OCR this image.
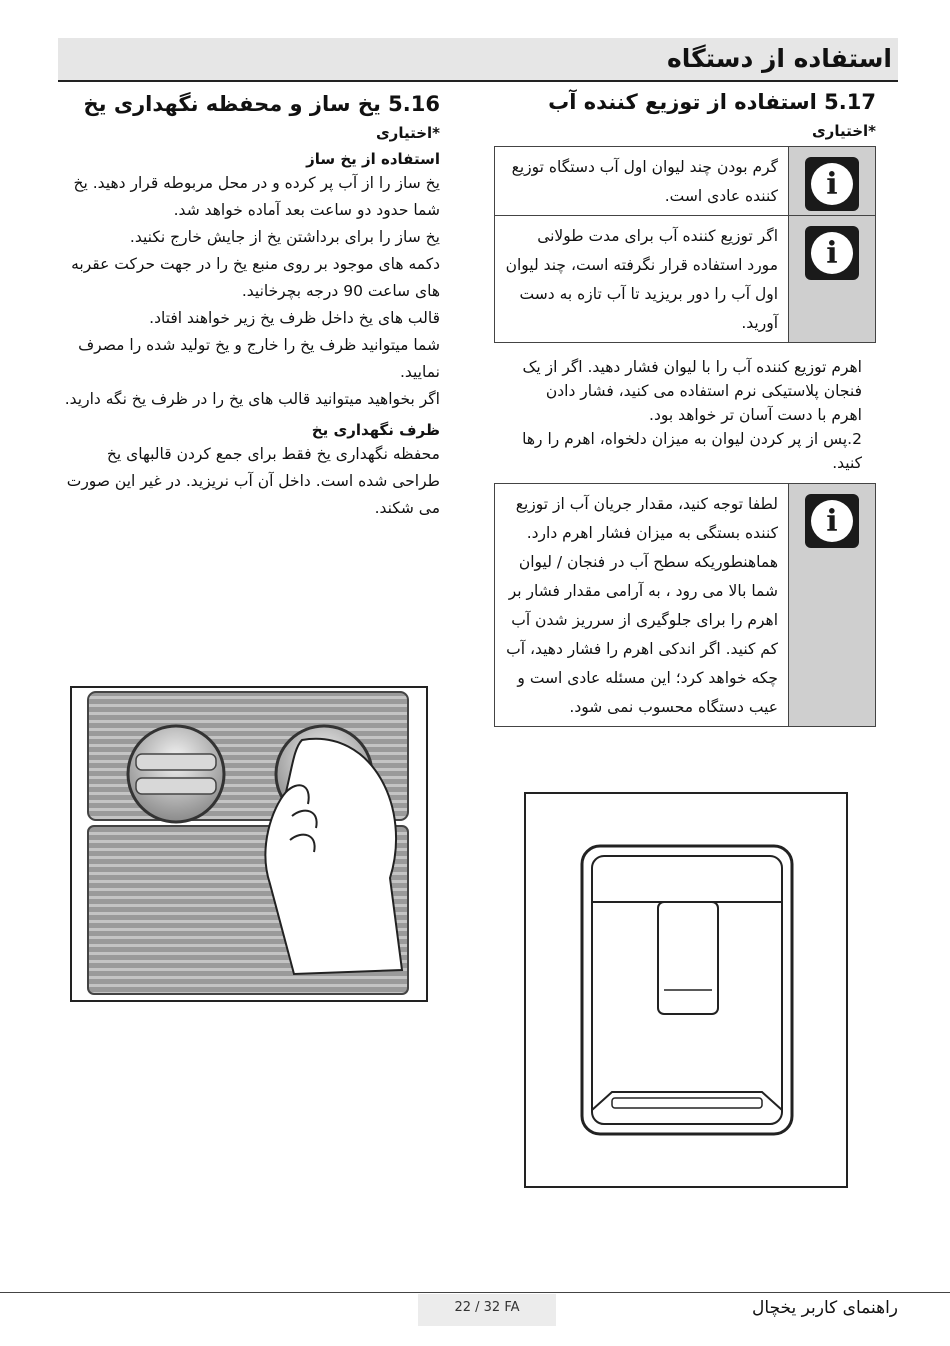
استفاده از دستگاه
5.17 استفاده از توزیع کننده آب
*اختیاری
i
گرم بودن چند لیوان اول آب دستگاه توزیع کننده عادی است.
i
اگر توزیع کننده آب برای مدت طولانی مورد استفاده قرار نگرفته است، چند لیوان اول آب را دور بریزید تا آب تازه به دست آورید.
اهرم توزیع کننده آب را با لیوان فشار دهید. اگر از یک فنجان پلاستیکی نرم استفاده می کنید، فشار دادن اهرم با دست آسان تر خواهد بود.
2.پس از پر کردن لیوان به میزان دلخواه، اهرم را رها کنید.
i
لطفا توجه کنید، مقدار جریان آب از توزیع کننده بستگی به میزان فشار اهرم دارد. هماهنطوریکه سطح آب در فنجان / لیوان شما بالا می رود ، به آرامی مقدار فشار بر اهرم را برای جلوگیری از سرریز شدن آب کم کنید. اگر اندکی اهرم را فشار دهید، آب چکه خواهد کرد؛ این مسئله عادی است و عیب دستگاه محسوب نمی شود.
5.16 یخ ساز و محفظه نگهداری یخ
*اختیاری
استفاده از یخ ساز

یخ ساز را از آب پر کرده و در محل مربوطه قرار دهید. یخ شما حدود دو ساعت بعد آماده خواهد شد.

یخ ساز را برای برداشتن یخ از جایش خارج نکنید.

دکمه های موجود بر روی منبع یخ را در جهت حرکت عقربه های ساعت 90 درجه بچرخانید.

قالب های یخ داخل ظرف یخ زیر خواهند افتاد.

شما میتوانید ظرف یخ را خارج و یخ تولید شده را مصرف نمایید.

اگر بخواهید میتوانید قالب های یخ را در ظرف یخ نگه دارید.

ظرف نگهداری یخ

محفظه نگهداری یخ فقط برای جمع کردن قالبهای یخ طراحی شده است. داخل آن آب نریزید. در غیر این صورت می شکند.

22 / 32 FA	راهنمای کاربر یخچال
